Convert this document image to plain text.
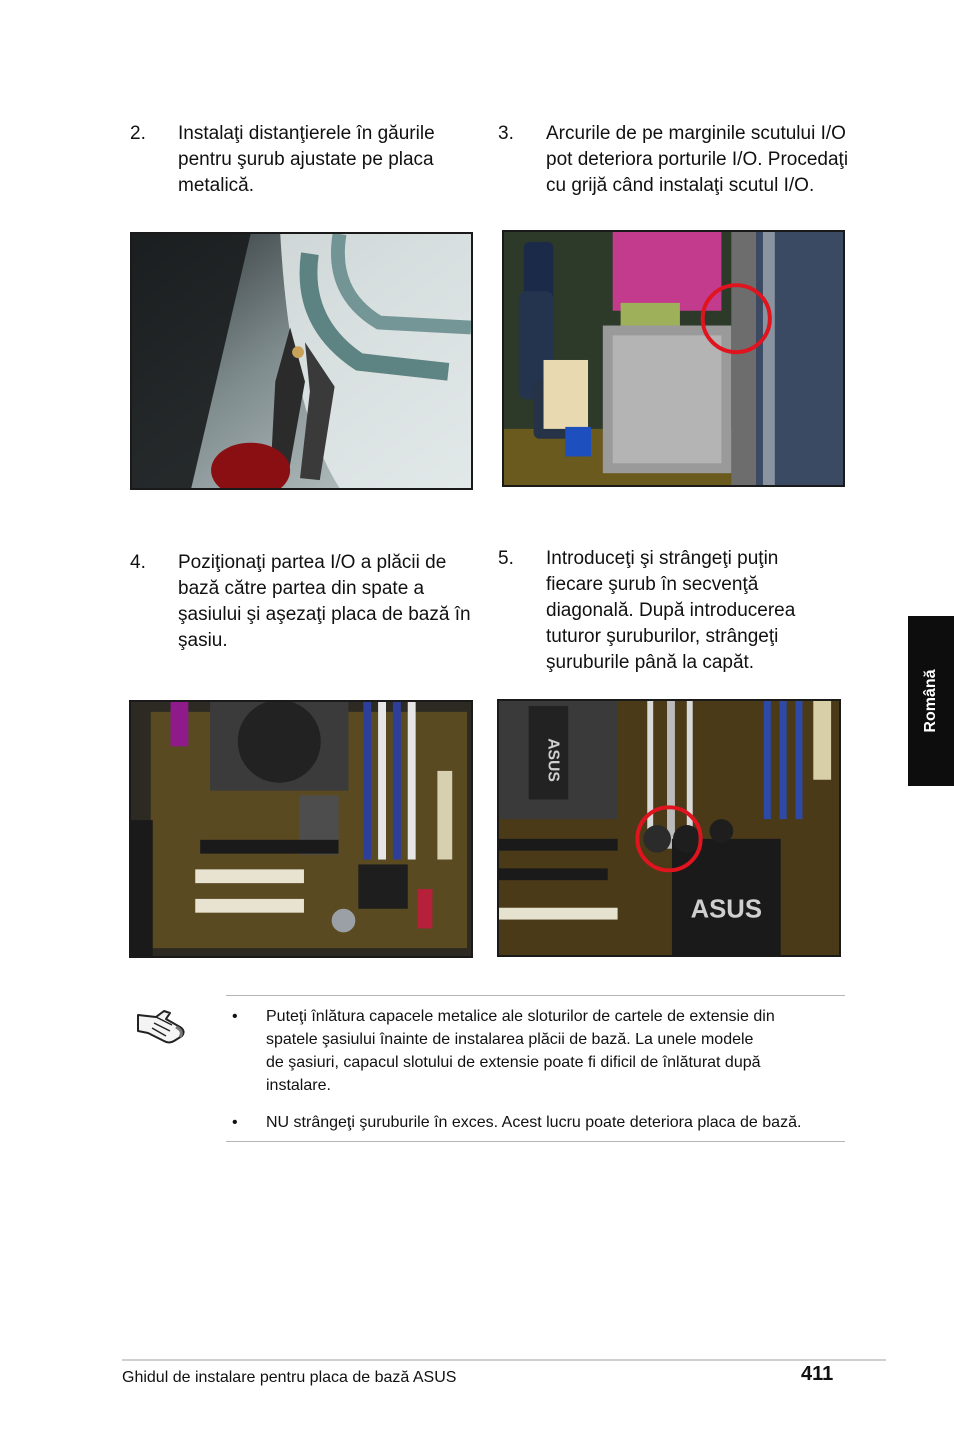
2. Instalaţi distanţierele în găurile
pentru şurub ajustate pe placa
metalică.
3. Arcurile de pe marginile scutului I/O
pot deteriora porturile I/O. Procedaţi
cu grijă când instalaţi scutul I/O.
4. Poziţionaţi partea I/O a plăcii de
bază către partea din spate a
şasiului şi aşezaţi placa de bază în
şasiu.
5. Introduceţi şi strângeţi puţin
fiecare şurub în secvenţă
diagonală. După introducerea
tuturor şuruburilor, strângeţi
şuruburile până la capăt.
ASUS
ASUS
Română
• Puteţi înlătura capacele metalice ale sloturilor de cartele de extensie din
spatele şasiului înainte de instalarea plăcii de bază. La unele modele
de şasiuri, capacul slotului de extensie poate fi dificil de înlăturat după
instalare.
• NU strângeţi şuruburile în exces. Acest lucru poate deteriora placa de bază.
Ghidul de instalare pentru placa de bază ASUS	411
